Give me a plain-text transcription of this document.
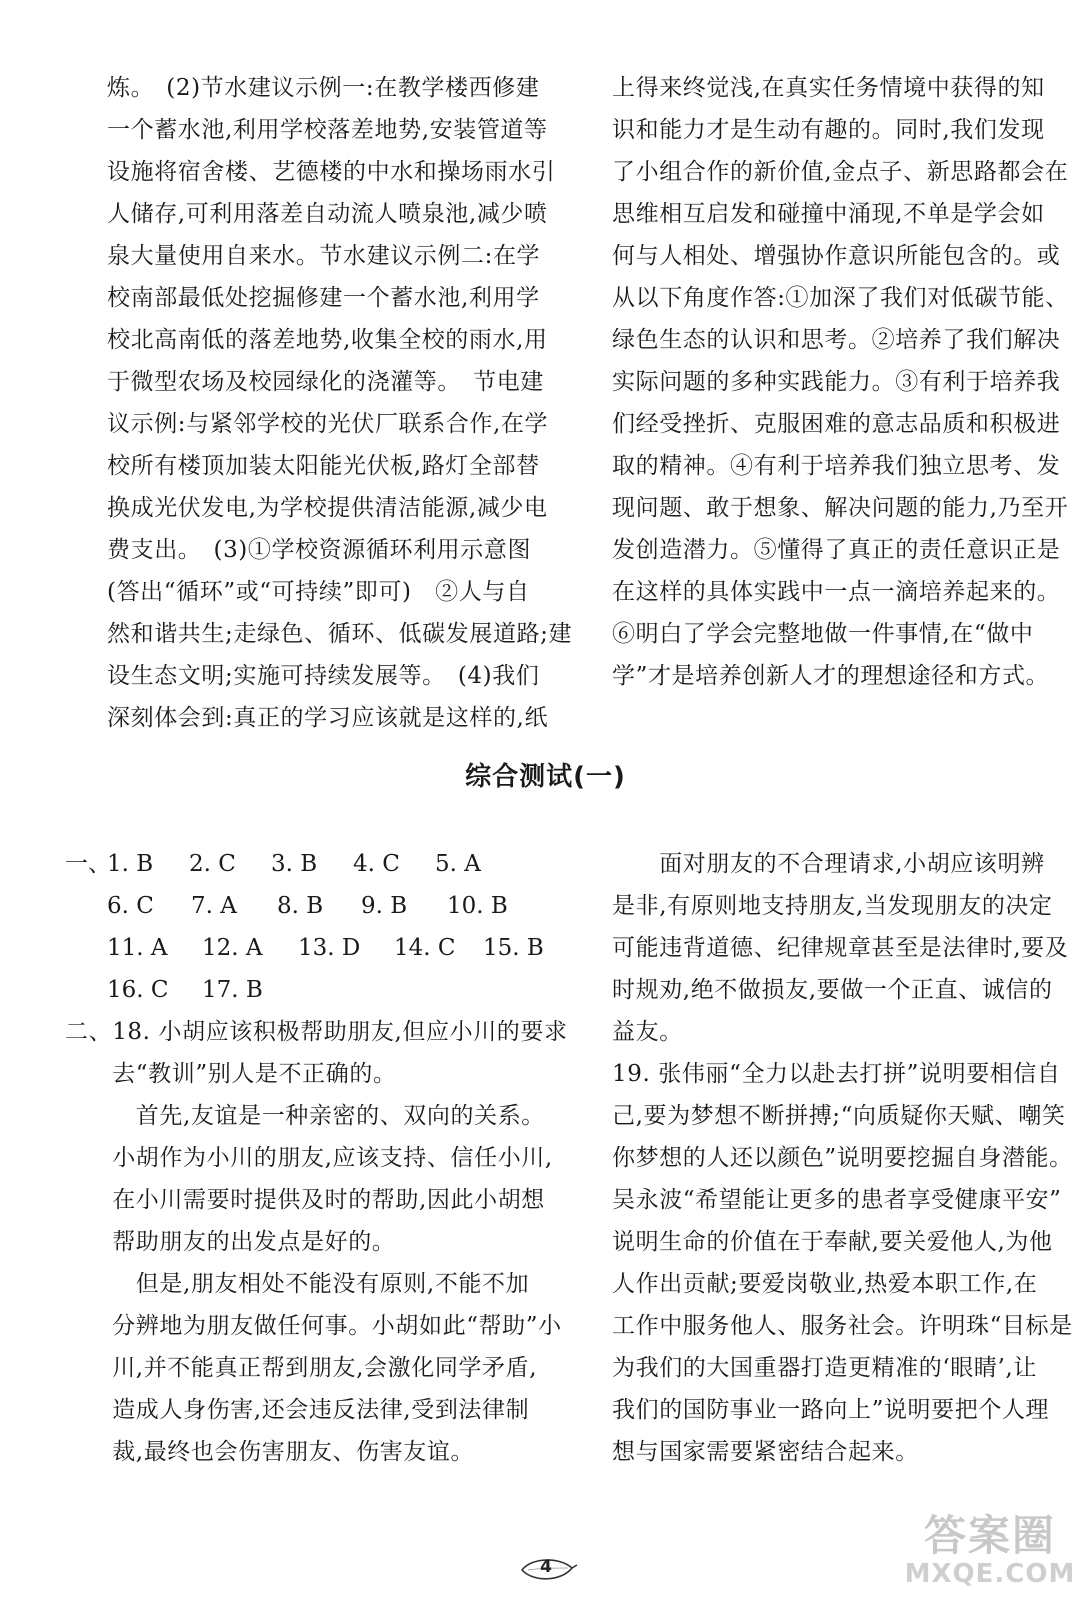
炼。　(2)节水建议示例一:在教学楼西修建
一个蓄水池,利用学校落差地势,安装管道等
设施将宿舍楼、艺德楼的中水和操场雨水引
人储存,可利用落差自动流人喷泉池,减少喷
泉大量使用自来水。节水建议示例二:在学
校南部最低处挖掘修建一个蓄水池,利用学
校北高南低的落差地势,收集全校的雨水,用
于微型农场及校园绿化的浇灌等。　节电建
议示例:与紧邻学校的光伏厂联系合作,在学
校所有楼顶加装太阳能光伏板,路灯全部替
换成光伏发电,为学校提供清洁能源,减少电
费支出。　(3)①学校资源循环利用示意图
(答出“循环”或“可持续”即可)　②人与自
然和谐共生;走绿色、循环、低碳发展道路;建
设生态文明;实施可持续发展等。　(4)我们
深刻体会到:真正的学习应该就是这样的,纸
上得来终觉浅,在真实任务情境中获得的知
识和能力才是生动有趣的。同时,我们发现
了小组合作的新价值,金点子、新思路都会在
思维相互启发和碰撞中涌现,不单是学会如
何与人相处、增强协作意识所能包含的。或
从以下角度作答:①加深了我们对低碳节能、
绿色生态的认识和思考。②培养了我们解决
实际问题的多种实践能力。③有利于培养我
们经受挫折、克服困难的意志品质和积极进
取的精神。④有利于培养我们独立思考、发
现问题、敢于想象、解决问题的能力,乃至开
发创造潜力。⑤懂得了真正的责任意识正是
在这样的具体实践中一点一滴培养起来的。
⑥明白了学会完整地做一件事情,在“做中
学”才是培养创新人才的理想途径和方式。
综合测试(一)
一、
1. B 2. C 3. B 4. C 5. A
6. C 7. A 8. B 9. B 10. B
11. A 12. A 13. D 14. C 15. B
16. C 17. B
二、18. 小胡应该积极帮助朋友,但应小川的要求
　　去“教训”别人是不正确的。
　　　首先,友谊是一种亲密的、双向的关系。
　　小胡作为小川的朋友,应该支持、信任小川,
　　在小川需要时提供及时的帮助,因此小胡想
　　帮助朋友的出发点是好的。
　　　但是,朋友相处不能没有原则,不能不加
　　分辨地为朋友做任何事。小胡如此“帮助”小
　　川,并不能真正帮到朋友,会激化同学矛盾,
　　造成人身伤害,还会违反法律,受到法律制
　　裁,最终也会伤害朋友、伤害友谊。
　　面对朋友的不合理请求,小胡应该明辨
是非,有原则地支持朋友,当发现朋友的决定
可能违背道德、纪律规章甚至是法律时,要及
时规劝,绝不做损友,要做一个正直、诚信的
益友。
19. 张伟丽“全力以赴去打拼”说明要相信自
己,要为梦想不断拼搏;“向质疑你天赋、嘲笑
你梦想的人还以颜色”说明要挖掘自身潜能。
吴永波“希望能让更多的患者享受健康平安”
说明生命的价值在于奉献,要关爱他人,为他
人作出贡献;要爱岗敬业,热爱本职工作,在
工作中服务他人、服务社会。许明珠“目标是
为我们的大国重器打造更精准的‘眼睛’,让
我们的国防事业一路向上”说明要把个人理
想与国家需要紧密结合起来。
4
答案圈
MXQE.COM
